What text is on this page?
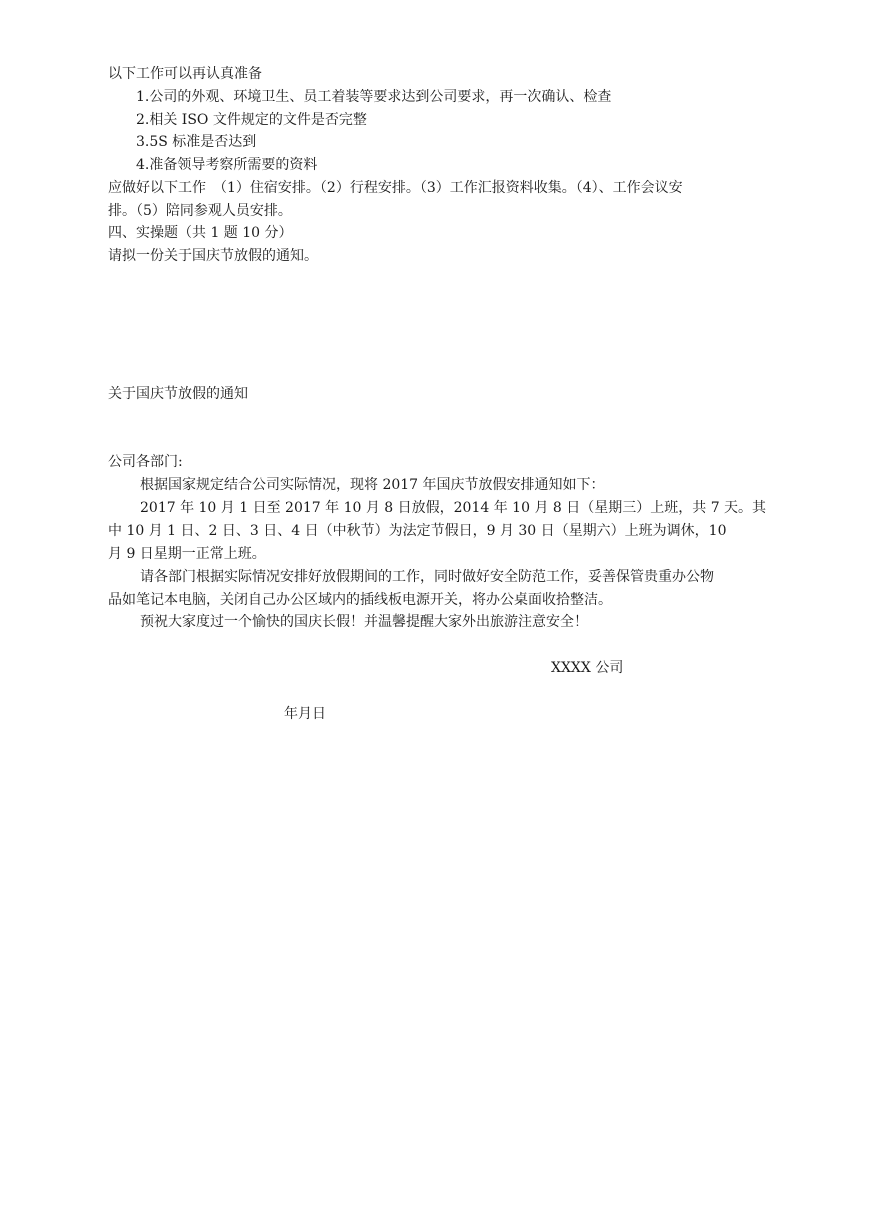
以下工作可以再认真准备
1.公司的外观、环境卫生、员工着装等要求达到公司要求，再一次确认、检查
2.相关 ISO 文件规定的文件是否完整
3.5S 标准是否达到
4.准备领导考察所需要的资料
应做好以下工作　（1）住宿安排。（2）行程安排。（3）工作汇报资料收集。（4）、工作会议安
排。（5）陪同参观人员安排。
四、实操题（共 1 题 10 分）
请拟一份关于国庆节放假的通知。
关于国庆节放假的通知
公司各部门:
根据国家规定结合公司实际情况，现将 2017 年国庆节放假安排通知如下：
2017 年 10 月 1 日至 2017 年 10 月 8 日放假，2014 年 10 月 8 日（星期三）上班，共 7 天。其
中 10 月 1 日、2 日、3 日、4 日（中秋节）为法定节假日，9 月 30 日（星期六）上班为调休，10
月 9 日星期一正常上班。
请各部门根据实际情况安排好放假期间的工作，同时做好安全防范工作，妥善保管贵重办公物
品如笔记本电脑，关闭自己办公区域内的插线板电源开关，将办公桌面收拾整洁。
预祝大家度过一个愉快的国庆长假！并温馨提醒大家外出旅游注意安全！
XXXX 公司
年月日
